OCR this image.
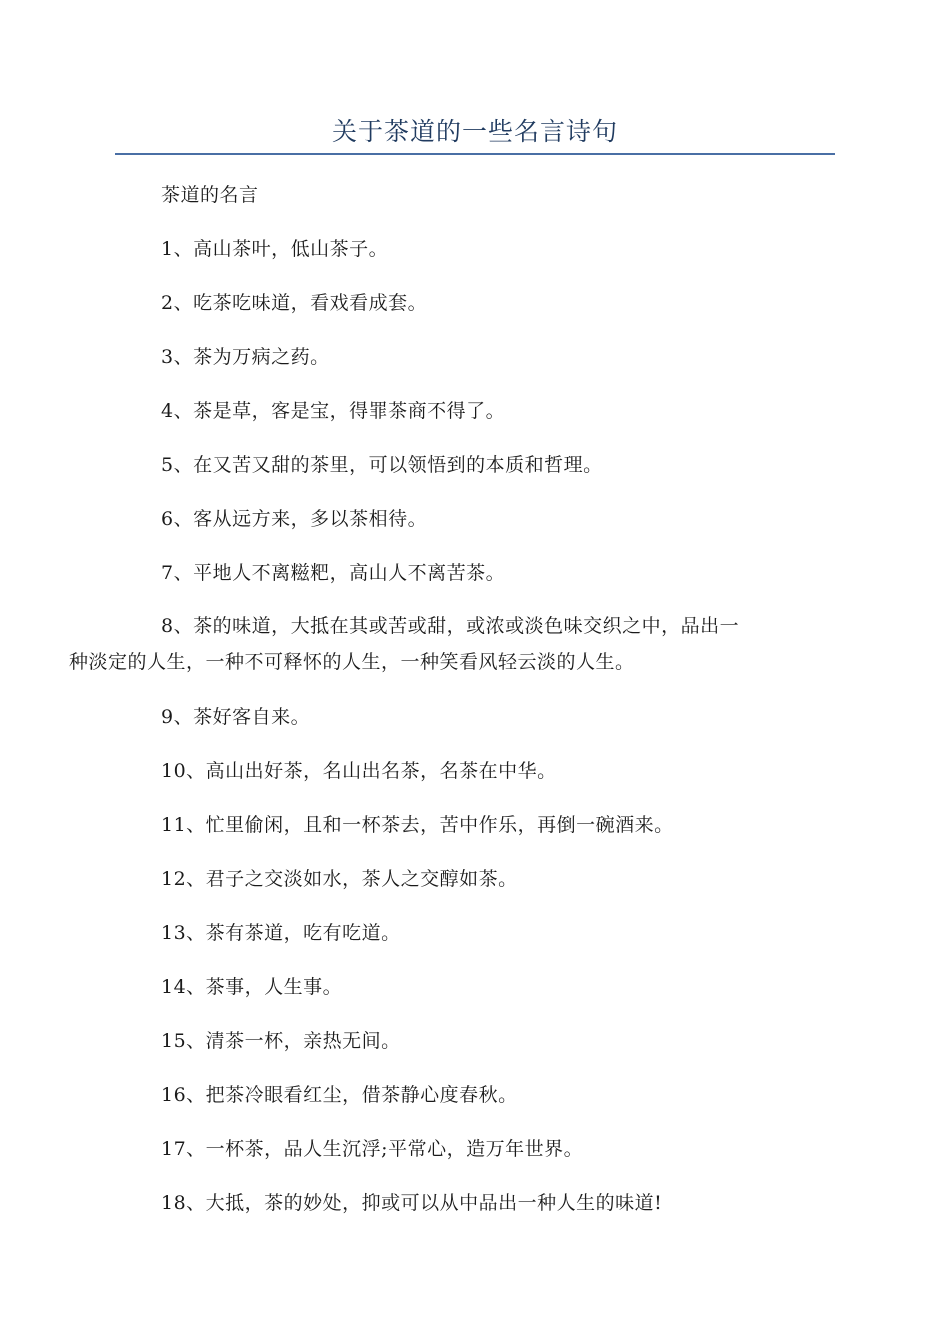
关于茶道的一些名言诗句

茶道的名言

1、高山茶叶，低山茶子。

2、吃茶吃味道，看戏看成套。

3、茶为万病之药。

4、茶是草，客是宝，得罪茶商不得了。

5、在又苦又甜的茶里，可以领悟到的本质和哲理。

6、客从远方来，多以茶相待。

7、平地人不离糍粑，高山人不离苦茶。

8、茶的味道，大抵在其或苦或甜，或浓或淡色味交织之中，品出一
种淡定的人生，一种不可释怀的人生，一种笑看风轻云淡的人生。

9、茶好客自来。

10、高山出好茶，名山出名茶，名茶在中华。

11、忙里偷闲，且和一杯茶去，苦中作乐，再倒一碗酒来。

12、君子之交淡如水，茶人之交醇如茶。

13、茶有茶道，吃有吃道。

14、茶事，人生事。

15、清茶一杯，亲热无间。

16、把茶冷眼看红尘，借茶静心度春秋。

17、一杯茶，品人生沉浮;平常心，造万年世界。

18、大抵，茶的妙处，抑或可以从中品出一种人生的味道!
